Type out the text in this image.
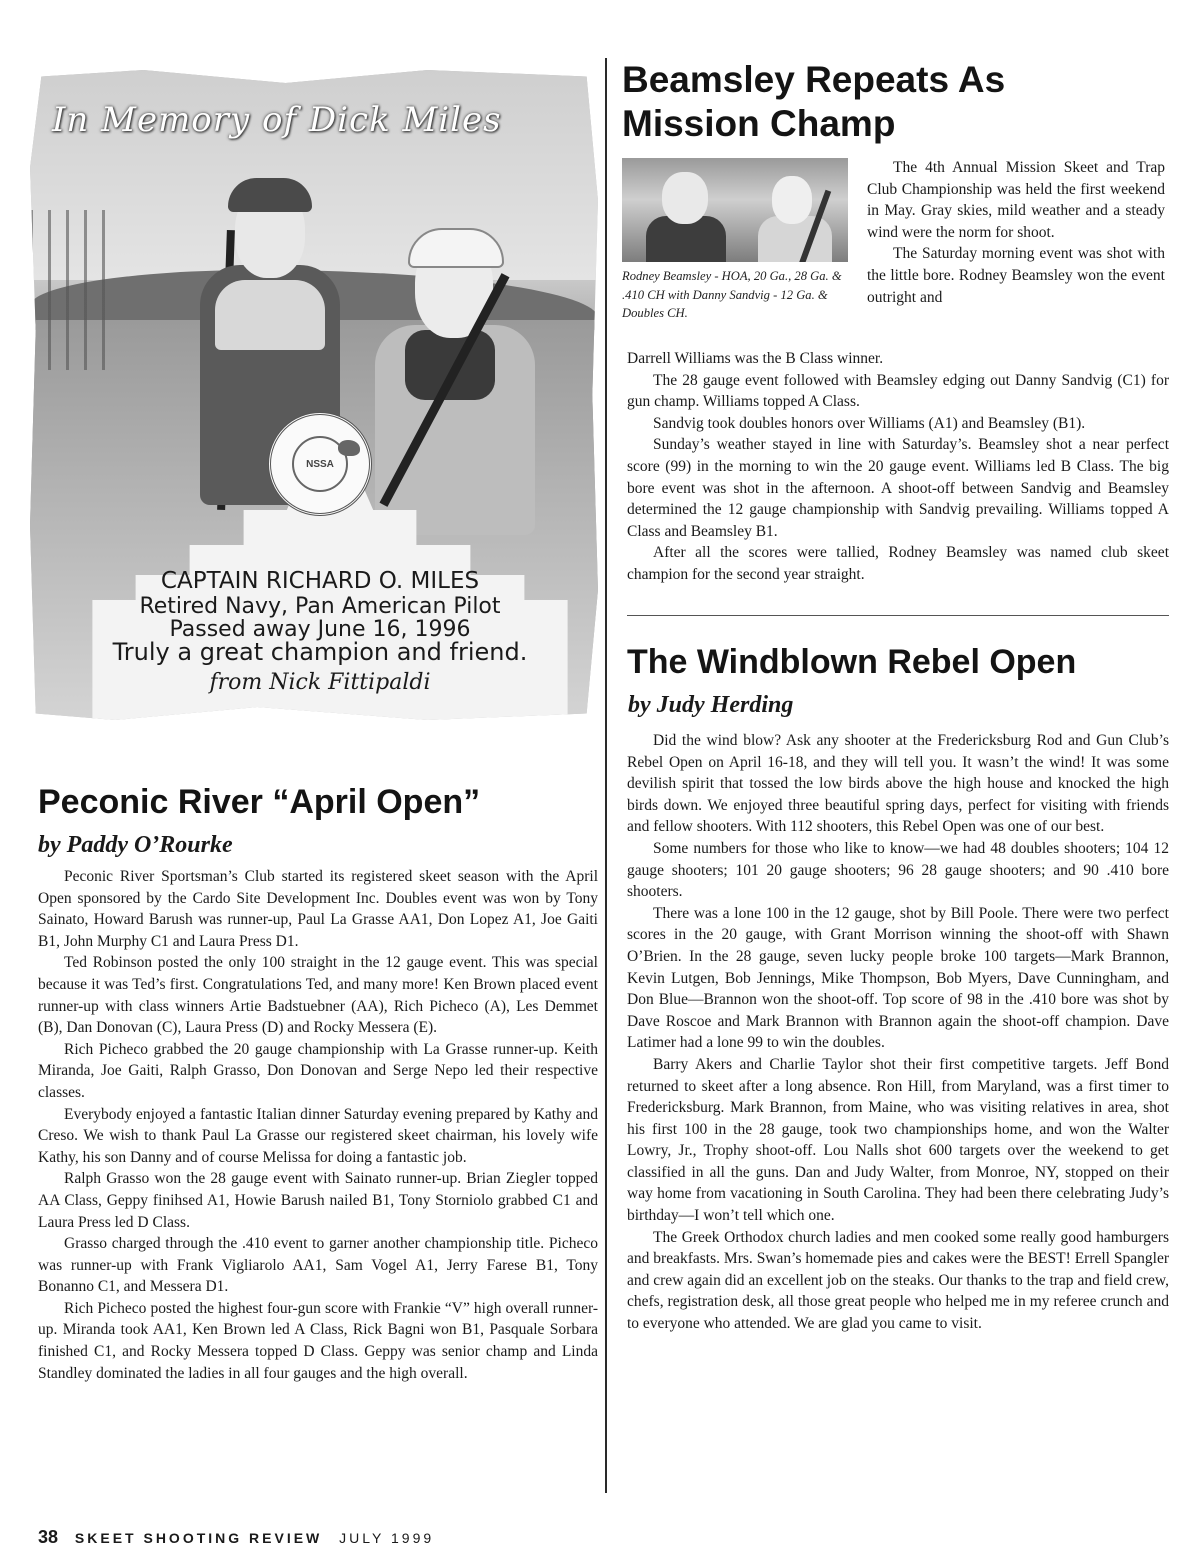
NSSA
In Memory of Dick Miles
CAPTAIN RICHARD O. MILES
Retired Navy, Pan American Pilot
Passed away June 16, 1996
Truly a great champion and friend.
from Nick Fittipaldi
Beamsley Repeats As
Mission Champ
Rodney Beamsley - HOA, 20 Ga., 28 Ga. & .410 CH with Danny Sandvig - 12 Ga. & Doubles CH.

The 4th Annual Mission Skeet and Trap Club Championship was held the first weekend in May. Gray skies, mild weather and a steady wind were the norm for shoot.

The Saturday morning event was shot with the little bore. Rodney Beamsley won the event outright and

Darrell Williams was the B Class winner.

The 28 gauge event followed with Beamsley edging out Danny Sandvig (C1) for gun champ. Williams topped A Class.

Sandvig took doubles honors over Williams (A1) and Beamsley (B1).

Sunday’s weather stayed in line with Saturday’s. Beamsley shot a near perfect score (99) in the morning to win the 20 gauge event. Williams led B Class. The big bore event was shot in the afternoon. A shoot-off between Sandvig and Beamsley determined the 12 gauge championship with Sandvig prevailing. Williams topped A Class and Beamsley B1.

After all the scores were tallied, Rodney Beamsley was named club skeet champion for the second year straight.

The Windblown Rebel Open
by Judy Herding

Did the wind blow? Ask any shooter at the Fredericksburg Rod and Gun Club’s Rebel Open on April 16-18, and they will tell you. It wasn’t the wind! It was some devilish spirit that tossed the low birds above the high house and knocked the high birds down. We enjoyed three beautiful spring days, perfect for visiting with friends and fellow shooters. With 112 shooters, this Rebel Open was one of our best.

Some numbers for those who like to know—we had 48 doubles shooters; 104 12 gauge shooters; 101 20 gauge shooters; 96 28 gauge shooters; and 90 .410 bore shooters.

There was a lone 100 in the 12 gauge, shot by Bill Poole. There were two perfect scores in the 20 gauge, with Grant Morrison winning the shoot-off with Shawn O’Brien. In the 28 gauge, seven lucky people broke 100 targets—Mark Brannon, Kevin Lutgen, Bob Jennings, Mike Thompson, Bob Myers, Dave Cunningham, and Don Blue—Brannon won the shoot-off. Top score of 98 in the .410 bore was shot by Dave Roscoe and Mark Brannon with Brannon again the shoot-off champion. Dave Latimer had a lone 99 to win the doubles.

Barry Akers and Charlie Taylor shot their first competitive targets. Jeff Bond returned to skeet after a long absence. Ron Hill, from Maryland, was a first timer to Fredericksburg. Mark Brannon, from Maine, who was visiting relatives in area, shot his first 100 in the 28 gauge, took two championships home, and won the Walter Lowry, Jr., Trophy shoot-off. Lou Nalls shot 600 targets over the weekend to get classified in all the guns. Dan and Judy Walter, from Monroe, NY, stopped on their way home from vacationing in South Carolina. They had been there celebrating Judy’s birthday—I won’t tell which one.

The Greek Orthodox church ladies and men cooked some really good hamburgers and breakfasts. Mrs. Swan’s homemade pies and cakes were the BEST! Errell Spangler and crew again did an excellent job on the steaks. Our thanks to the trap and field crew, chefs, registration desk, all those great people who helped me in my referee crunch and to everyone who attended. We are glad you came to visit.

Peconic River “April Open”
by Paddy O’Rourke

Peconic River Sportsman’s Club started its registered skeet season with the April Open sponsored by the Cardo Site Development Inc. Doubles event was won by Tony Sainato, Howard Barush was runner-up, Paul La Grasse AA1, Don Lopez A1, Joe Gaiti B1, John Murphy C1 and Laura Press D1.

Ted Robinson posted the only 100 straight in the 12 gauge event. This was special because it was Ted’s first. Congratulations Ted, and many more! Ken Brown placed event runner-up with class winners Artie Badstuebner (AA), Rich Picheco (A), Les Demmet (B), Dan Donovan (C), Laura Press (D) and Rocky Messera (E).

Rich Picheco grabbed the 20 gauge championship with La Grasse runner-up. Keith Miranda, Joe Gaiti, Ralph Grasso, Don Donovan and Serge Nepo led their respective classes.

Everybody enjoyed a fantastic Italian dinner Saturday evening prepared by Kathy and Creso. We wish to thank Paul La Grasse our registered skeet chairman, his lovely wife Kathy, his son Danny and of course Melissa for doing a fantastic job.

Ralph Grasso won the 28 gauge event with Sainato runner-up. Brian Ziegler topped AA Class, Geppy finihsed A1, Howie Barush nailed B1, Tony Storniolo grabbed C1 and Laura Press led D Class.

Grasso charged through the .410 event to garner another championship title. Picheco was runner-up with Frank Vigliarolo AA1, Sam Vogel A1, Jerry Farese B1, Tony Bonanno C1, and Messera D1.

Rich Picheco posted the highest four-gun score with Frankie “V” high overall runner-up. Miranda took AA1, Ken Brown led A Class, Rick Bagni won B1, Pasquale Sorbara finished C1, and Rocky Messera topped D Class. Geppy was senior champ and Linda Standley dominated the ladies in all four gauges and the high overall.

38 SKEET SHOOTING REVIEW JULY 1999
